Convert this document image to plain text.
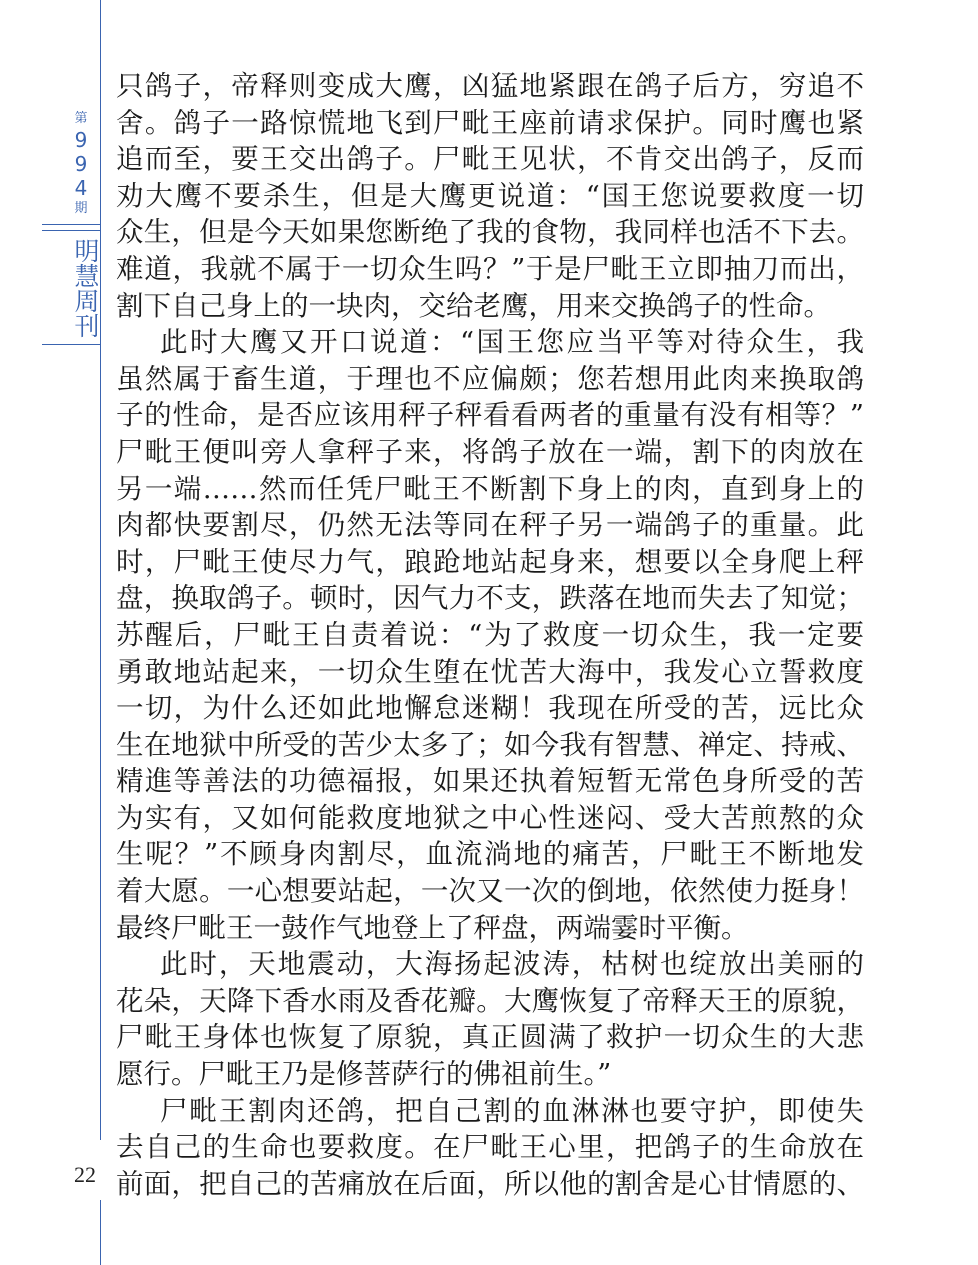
第
9
9
4
期
明慧周刊
22
只鸽子，帝释则变成大鹰，凶猛地紧跟在鸽子后方，穷追不
舍。鸽子一路惊慌地飞到尸毗王座前请求保护。同时鹰也紧
追而至，要王交出鸽子。尸毗王见状，不肯交出鸽子，反而
劝大鹰不要杀生，但是大鹰更说道：“国王您说要救度一切
众生，但是今天如果您断绝了我的食物，我同样也活不下去。
难道，我就不属于一切众生吗？”于是尸毗王立即抽刀而出，
割下自己身上的一块肉，交给老鹰，用来交换鸽子的性命。
此时大鹰又开口说道：“国王您应当平等对待众生，我
虽然属于畜生道，于理也不应偏颇；您若想用此肉来换取鸽
子的性命，是否应该用秤子秤看看两者的重量有没有相等？”
尸毗王便叫旁人拿秤子来，将鸽子放在一端，割下的肉放在
另一端……然而任凭尸毗王不断割下身上的肉，直到身上的
肉都快要割尽，仍然无法等同在秤子另一端鸽子的重量。此
时，尸毗王使尽力气，踉跄地站起身来，想要以全身爬上秤
盘，换取鸽子。顿时，因气力不支，跌落在地而失去了知觉；
苏醒后，尸毗王自责着说：“为了救度一切众生，我一定要
勇敢地站起来，一切众生堕在忧苦大海中，我发心立誓救度
一切，为什么还如此地懈怠迷糊！我现在所受的苦，远比众
生在地狱中所受的苦少太多了；如今我有智慧、禅定、持戒、
精進等善法的功德福报，如果还执着短暂无常色身所受的苦
为实有，又如何能救度地狱之中心性迷闷、受大苦煎熬的众
生呢？”不顾身肉割尽，血流淌地的痛苦，尸毗王不断地发
着大愿。一心想要站起，一次又一次的倒地，依然使力挺身！
最终尸毗王一鼓作气地登上了秤盘，两端霎时平衡。
此时，天地震动，大海扬起波涛，枯树也绽放出美丽的
花朵，天降下香水雨及香花瓣。大鹰恢复了帝释天王的原貌，
尸毗王身体也恢复了原貌，真正圆满了救护一切众生的大悲
愿行。尸毗王乃是修菩萨行的佛祖前生。”
尸毗王割肉还鸽，把自己割的血淋淋也要守护，即使失
去自己的生命也要救度。在尸毗王心里，把鸽子的生命放在
前面，把自己的苦痛放在后面，所以他的割舍是心甘情愿的、
